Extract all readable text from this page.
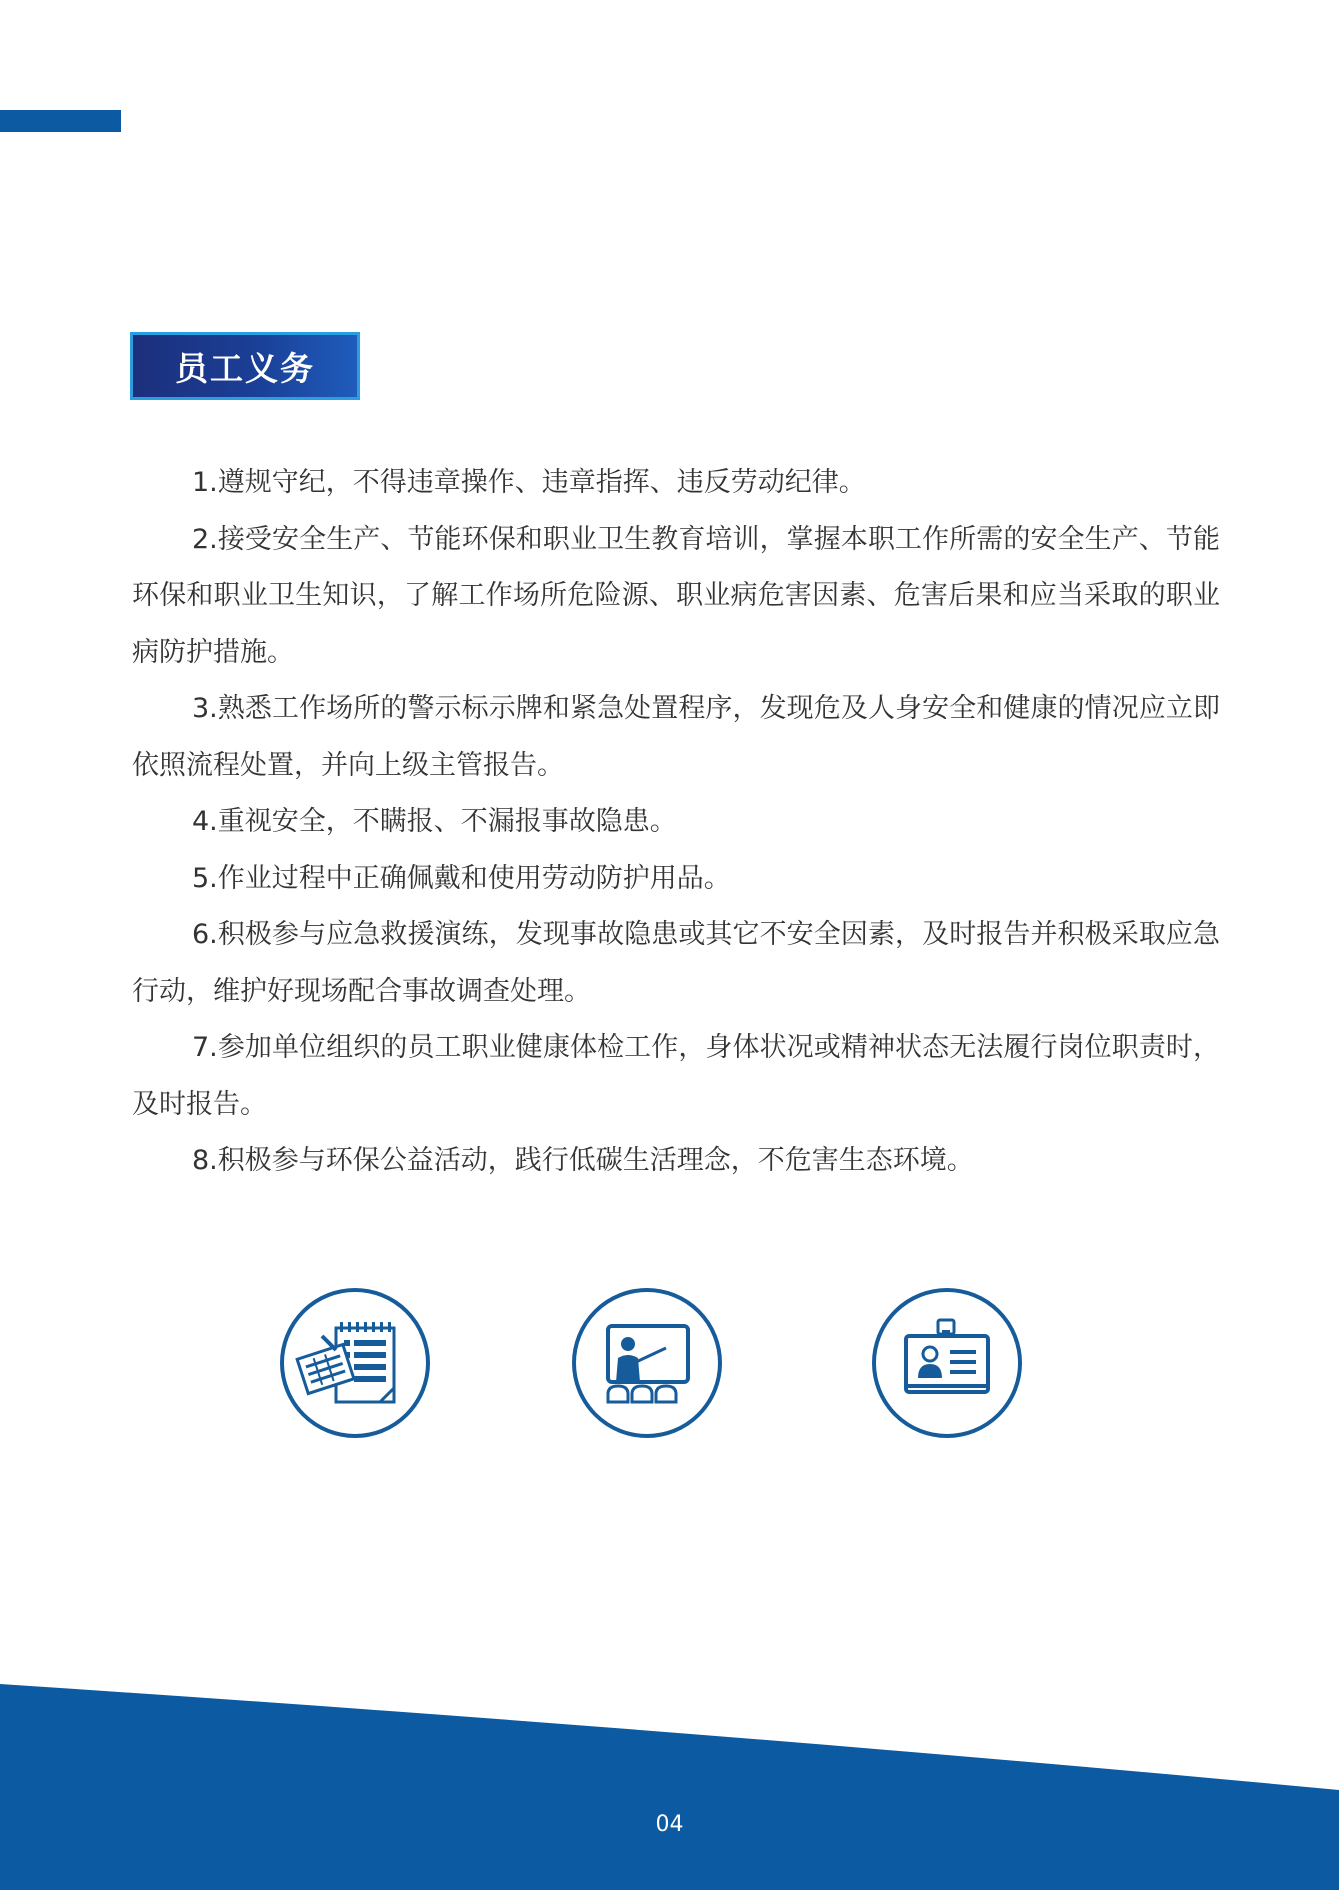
员工义务

1.遵规守纪，不得违章操作、违章指挥、违反劳动纪律。

2.接受安全生产、节能环保和职业卫生教育培训，掌握本职工作所需的安全生产、节能环保和职业卫生知识，了解工作场所危险源、职业病危害因素、危害后果和应当采取的职业病防护措施。

3.熟悉工作场所的警示标示牌和紧急处置程序，发现危及人身安全和健康的情况应立即依照流程处置，并向上级主管报告。

4.重视安全，不瞒报、不漏报事故隐患。

5.作业过程中正确佩戴和使用劳动防护用品。

6.积极参与应急救援演练，发现事故隐患或其它不安全因素，及时报告并积极采取应急行动，维护好现场配合事故调查处理。

7.参加单位组织的员工职业健康体检工作，身体状况或精神状态无法履行岗位职责时，及时报告。

8.积极参与环保公益活动，践行低碳生活理念，不危害生态环境。

04
